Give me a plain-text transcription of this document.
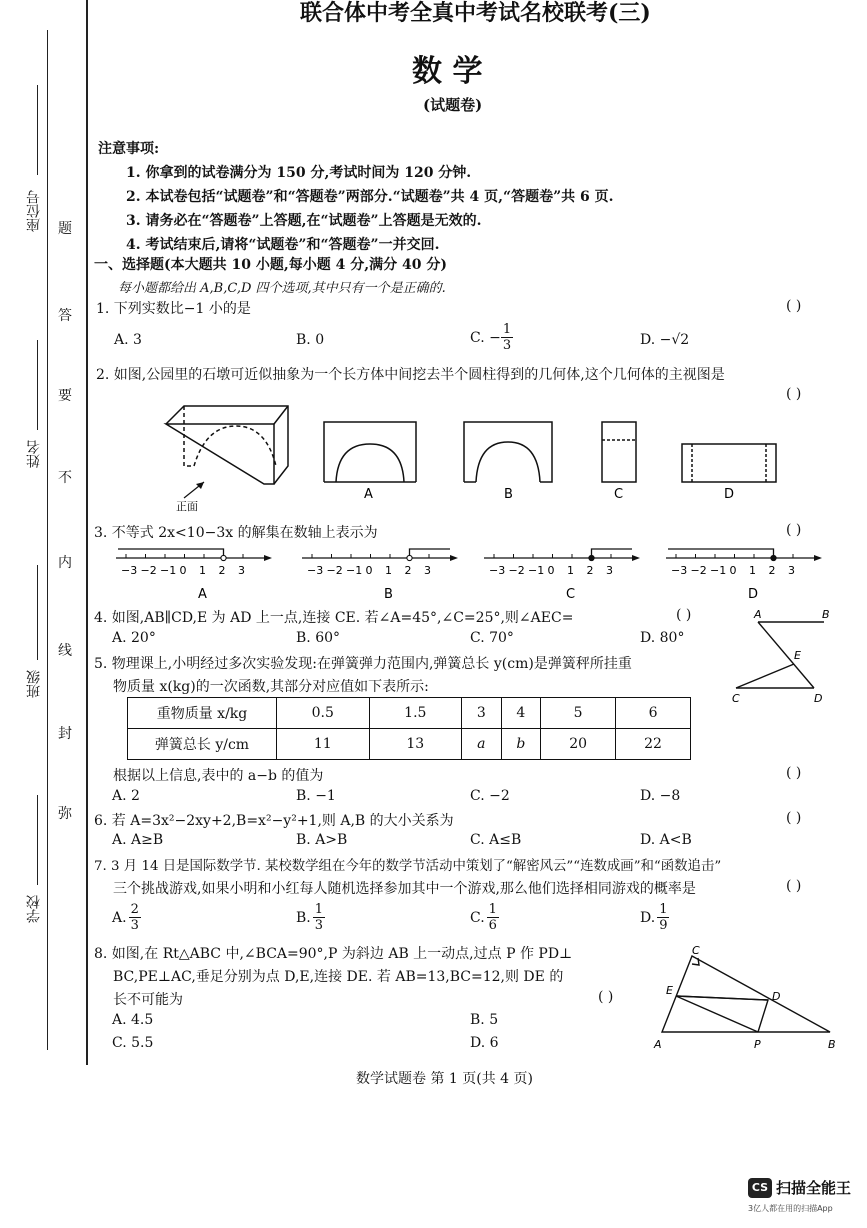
座位号
姓名
班级
学校
题
答
要
不
内
线
封
弥
联合体中考全真中考试名校联考(三)
数 学
(试题卷)
注意事项:
1. 你拿到的试卷满分为 150 分,考试时间为 120 分钟.
2. 本试卷包括“试题卷”和“答题卷”两部分.“试题卷”共 4 页,“答题卷”共 6 页.
3. 请务必在“答题卷”上答题,在“试题卷”上答题是无效的.
4. 考试结束后,请将“试题卷”和“答题卷”一并交回.
一、选择题(本大题共 10 小题,每小题 4 分,满分 40 分)
每小题都给出 A,B,C,D 四个选项,其中只有一个是正确的.
1. 下列实数比−1 小的是	( )
A. 3	B. 0	C. − $\frac{1}{3}$	D. −√2
2. 如图,公园里的石墩可近似抽象为一个长方体中间挖去半个圆柱得到的几何体,这个几何体的主视图是
( )
正面
A	B	C	D
3. 不等式 2x<10−3x 的解集在数轴上表示为	( )
−3 −2 −1 0 1 2 3
A
−3 −2 −1 0 1 2 3
B
−3 −2 −1 0 1 2 3
C
−3 −2 −1 0 1 2 3
D
4. 如图,AB∥CD,E 为 AD 上一点,连接 CE. 若∠A=45°,∠C=25°,则∠AEC=	( )
A. 20°	B. 60°	C. 70°	D. 80°
A	B
E
C	D
5. 物理课上,小明经过多次实验发现:在弹簧弹力范围内,弹簧总长 y(cm)是弹簧秤所挂重
物质量 x(kg)的一次函数,其部分对应值如下表所示:
重物质量 x/kg	0.5	1.5	3	4	5	6
弹簧总长 y/cm	11	13	a	b	20	22
根据以上信息,表中的 a−b 的值为	( )
A. 2	B. −1	C. −2	D. −8
6. 若 A=3x²−2xy+2,B=x²−y²+1,则 A,B 的大小关系为	( )
A. A≥B	B. A>B	C. A≤B	D. A<B
7. 3 月 14 日是国际数学节. 某校数学组在今年的数学节活动中策划了“解密风云”“连数成画”和“函数追击”
三个挑战游戏,如果小明和小红每人随机选择参加其中一个游戏,那么他们选择相同游戏的概率是	( )
A. $\frac{2}{3}$	B. $\frac{1}{3}$	C. $\frac{1}{6}$	D. $\frac{1}{9}$
8. 如图,在 Rt△ABC 中,∠BCA=90°,P 为斜边 AB 上一动点,过点 P 作 PD⊥
BC,PE⊥AC,垂足分别为点 D,E,连接 DE. 若 AB=13,BC=12,则 DE 的
长不可能为	( )
A. 4.5	B. 5
C. 5.5	D. 6
C
E	D
A	P	B
数学试题卷 第 1 页(共 4 页)
CS 扫描全能王
3亿人都在用的扫描App
